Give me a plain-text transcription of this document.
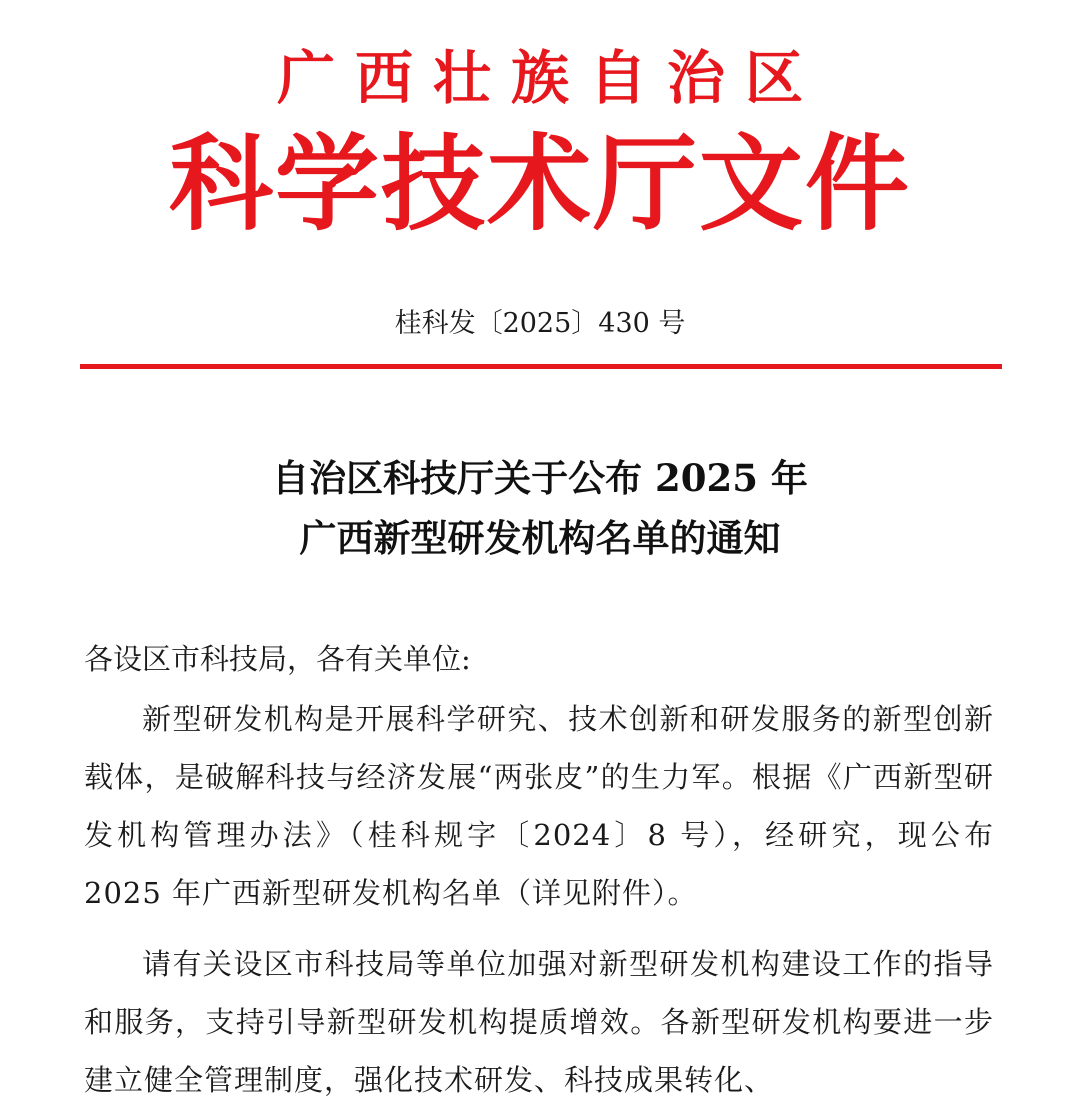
广西壮族自治区
科学技术厅文件
桂科发〔2025〕430 号
自治区科技厅关于公布 2025 年
广西新型研发机构名单的通知
各设区市科技局，各有关单位:
新型研发机构是开展科学研究、技术创新和研发服务的新型创新载体，是破解科技与经济发展“两张皮”的生力军。根据《广西新型研发机构管理办法》（桂科规字〔2024〕8 号），经研究，现公布 2025 年广西新型研发机构名单（详见附件）。
请有关设区市科技局等单位加强对新型研发机构建设工作的指导和服务，支持引导新型研发机构提质增效。各新型研发机构要进一步建立健全管理制度，强化技术研发、科技成果转化、
